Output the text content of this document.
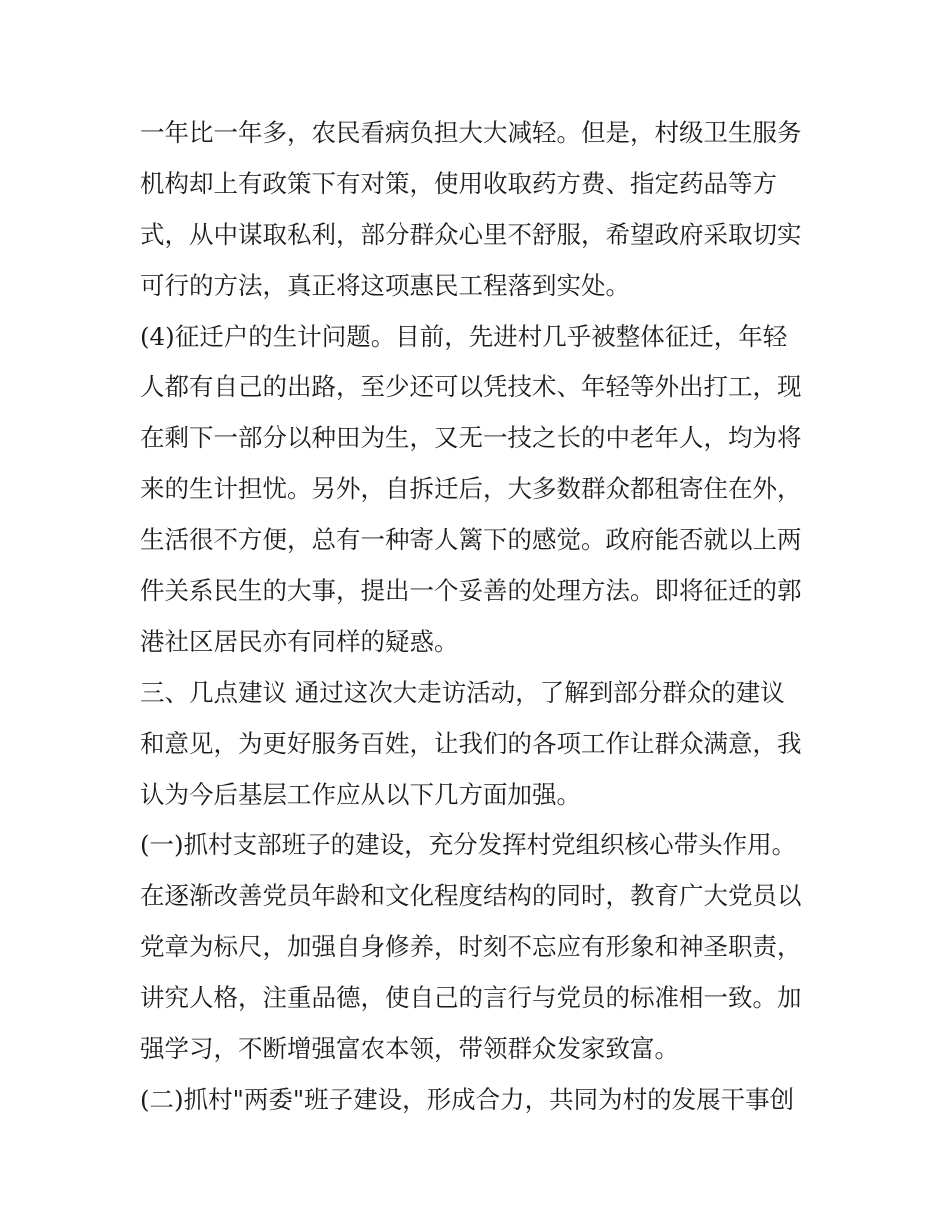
一年比一年多，农民看病负担大大减轻。但是，村级卫生服务
机构却上有政策下有对策，使用收取药方费、指定药品等方
式，从中谋取私利，部分群众心里不舒服，希望政府采取切实
可行的方法，真正将这项惠民工程落到实处。
(4)征迁户的生计问题。目前，先进村几乎被整体征迁，年轻
人都有自己的出路，至少还可以凭技术、年轻等外出打工，现
在剩下一部分以种田为生，又无一技之长的中老年人，均为将
来的生计担忧。另外，自拆迁后，大多数群众都租寄住在外，
生活很不方便，总有一种寄人篱下的感觉。政府能否就以上两
件关系民生的大事，提出一个妥善的处理方法。即将征迁的郭
港社区居民亦有同样的疑惑。
三、几点建议 通过这次大走访活动，了解到部分群众的建议
和意见，为更好服务百姓，让我们的各项工作让群众满意，我
认为今后基层工作应从以下几方面加强。
(一)抓村支部班子的建设，充分发挥村党组织核心带头作用。
在逐渐改善党员年龄和文化程度结构的同时，教育广大党员以
党章为标尺，加强自身修养，时刻不忘应有形象和神圣职责，
讲究人格，注重品德，使自己的言行与党员的标准相一致。加
强学习，不断增强富农本领，带领群众发家致富。
(二)抓村"两委"班子建设，形成合力，共同为村的发展干事创
